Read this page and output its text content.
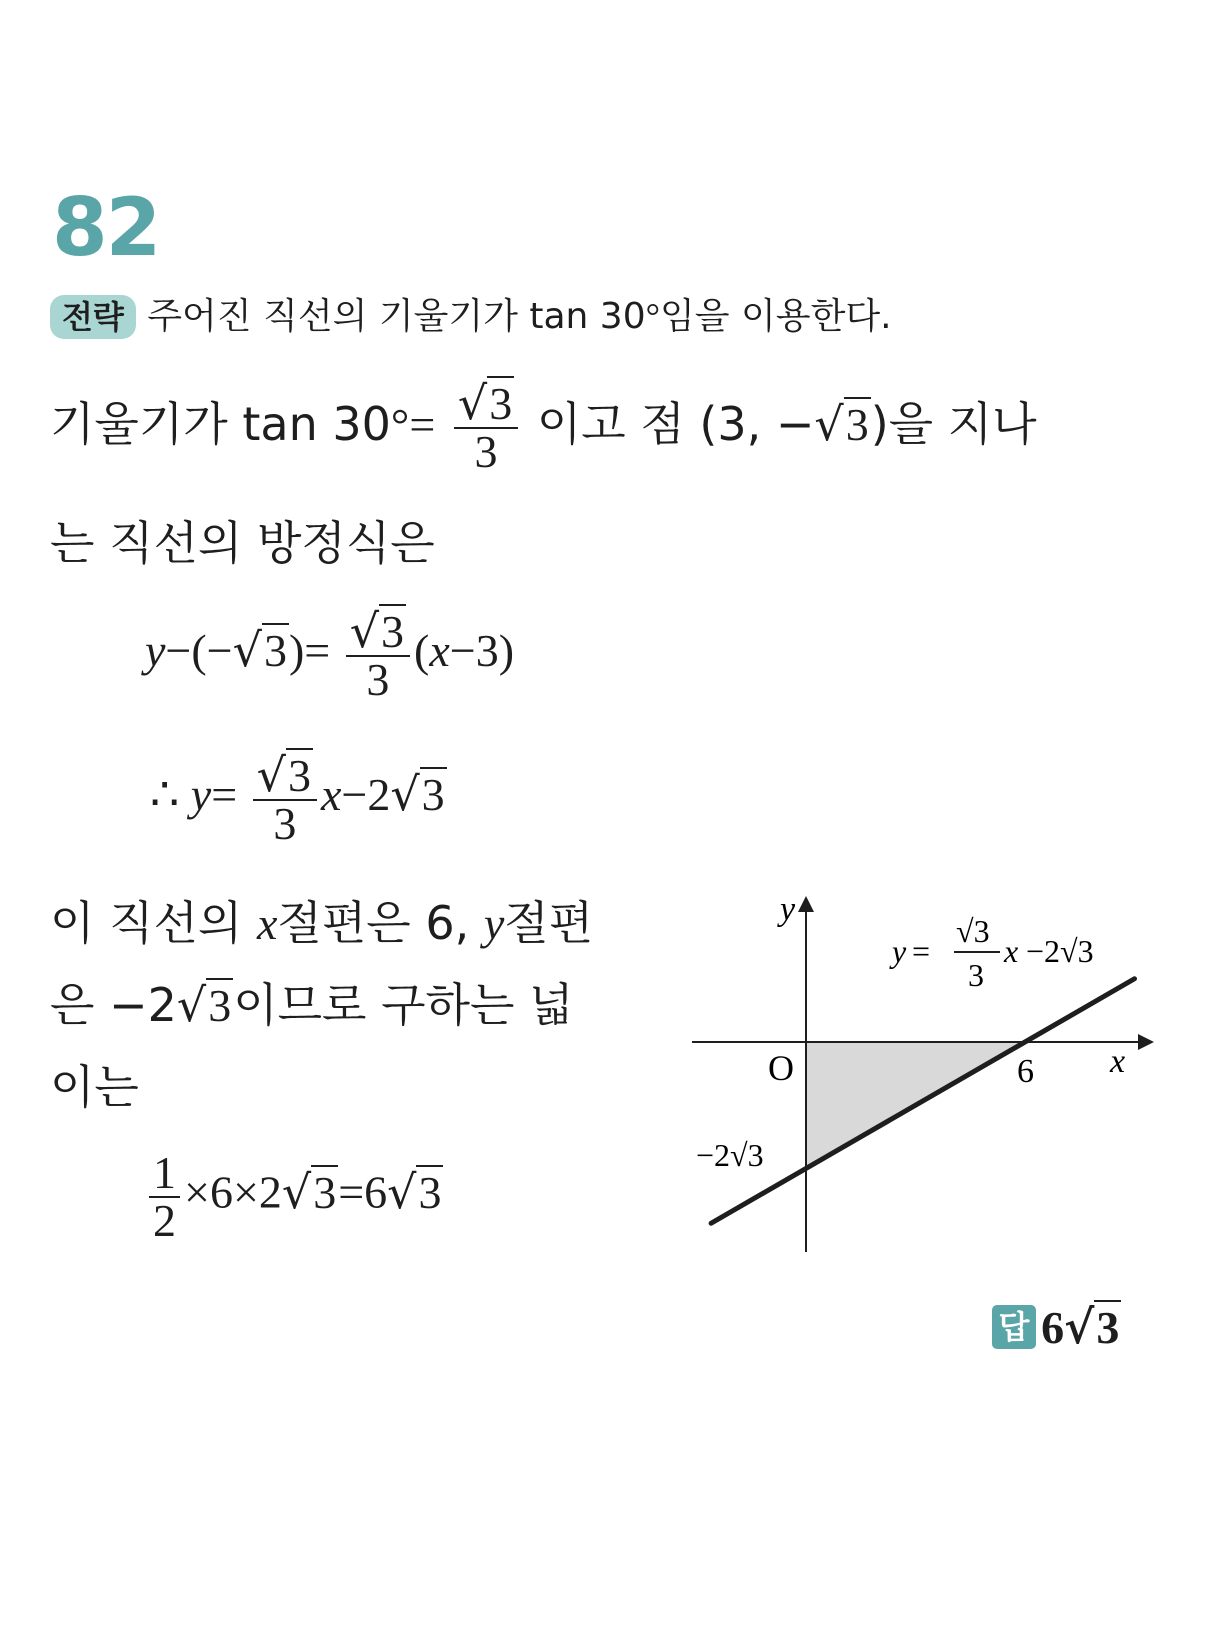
82
전략 주어진 직선의 기울기가 tan 30°임을 이용한다.
기울기가 $\tan 30^\circ= \frac{√3}{3}$ 이고 점 (3, −√3)을 지나
는 직선의 방정식은
$y-(-√3)= \frac{√3}{3} (x-3)$
∴ $y= \frac{√3}{3} x-2√3$
이 직선의 x절편은 6, y절편
은 −2√3이므로 구하는 넓
이는
$\frac{1}{2} \times 6\times 2√3=6√3$
y
x
O	6
−2√3
y =
√3
3
x −2√3
답 6√3
